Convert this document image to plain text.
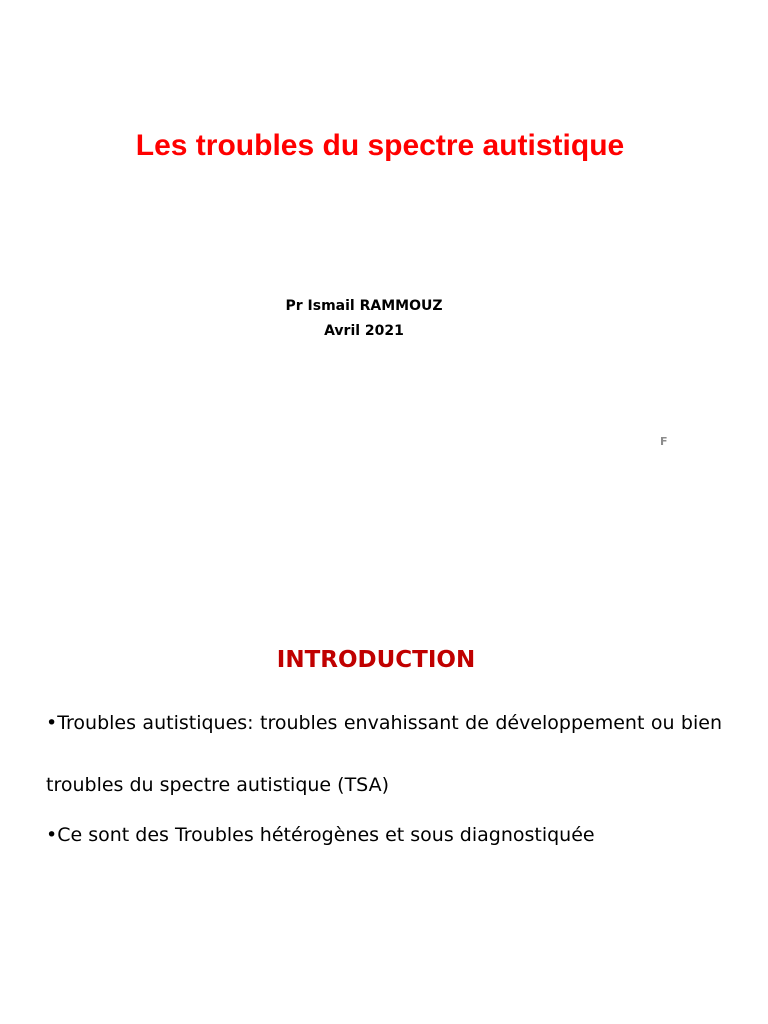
Les troubles du spectre autistique
Pr Ismail RAMMOUZ
Avril 2021
F
INTRODUCTION

•Troubles autistiques: troubles envahissant de développement ou bien troubles du spectre autistique (TSA)

•Ce sont des Troubles hétérogènes et sous diagnostiquée
